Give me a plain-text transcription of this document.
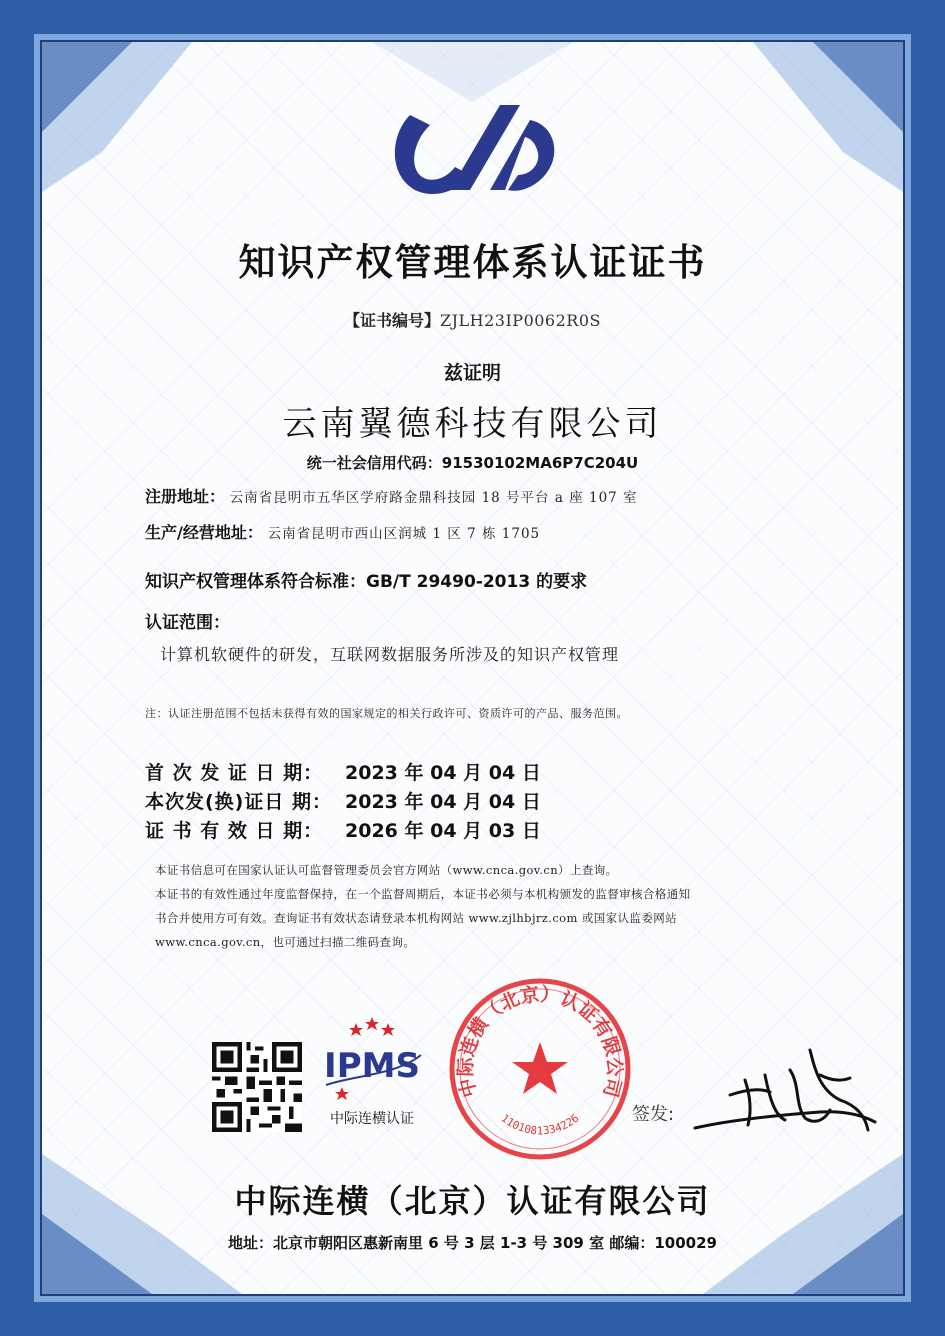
知识产权管理体系认证证书
【证书编号】ZJLH23IP0062R0S
兹证明
云南翼德科技有限公司
统一社会信用代码：91530102MA6P7C204U
注册地址： 云南省昆明市五华区学府路金鼎科技园 18 号平台 a 座 107 室
生产/经营地址： 云南省昆明市西山区润城 1 区 7 栋 1705
知识产权管理体系符合标准：GB/T 29490-2013 的要求
认证范围：
计算机软硬件的研发，互联网数据服务所涉及的知识产权管理
注：认证注册范围不包括未获得有效的国家规定的相关行政许可、资质许可的产品、服务范围。
首 次 发 证 日 期： 2023 年 04 月 04 日
本次发(换)证日 期： 2023 年 04 月 04 日
证 书 有 效 日 期： 2026 年 04 月 03 日

本证书信息可在国家认证认可监督管理委员会官方网站（www.cnca.gov.cn）上查询。

本证书的有效性通过年度监督保持，在一个监督周期后，本证书必须与本机构颁发的监督审核合格通知

书合并使用方可有效。查询证书有效状态请登录本机构网站 www.zjlhbjrz.com 或国家认监委网站

www.cnca.gov.cn，也可通过扫描二维码查询。

IPMS
中际连横认证
中际连横（北京）认证有限公司
1101081334226	签发:
中际连横（北京）认证有限公司
地址：北京市朝阳区惠新南里 6 号 3 层 1-3 号 309 室 邮编：100029
